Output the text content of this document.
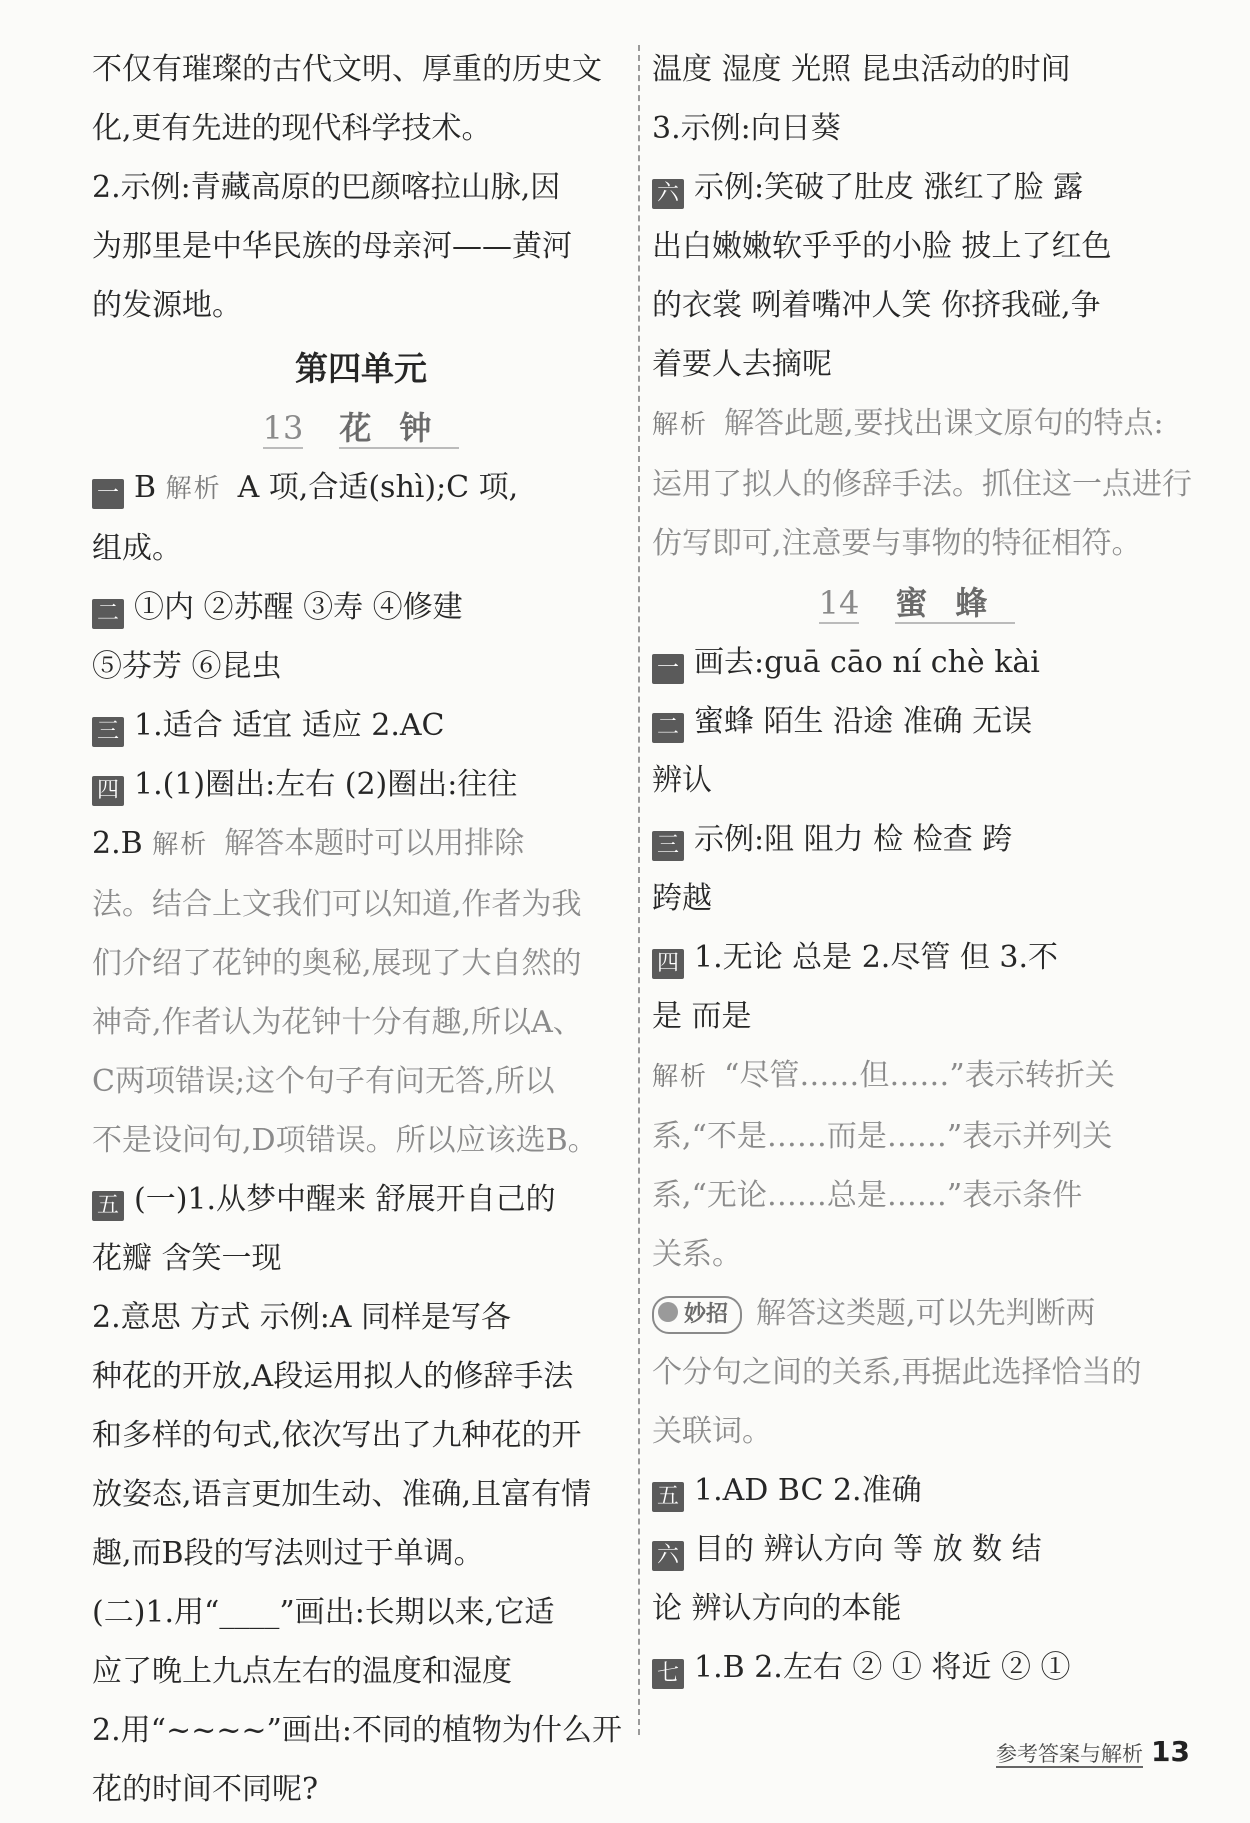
不仅有璀璨的古代文明、厚重的历史文

化,更有先进的现代科学技术。

2.示例:青藏高原的巴颜喀拉山脉,因

为那里是中华民族的母亲河——黄河

的发源地。

第四单元

13 花钟

一 B 解析 A 项,合适(shì);C 项,

组成。

二 ①内 ②苏醒 ③寿 ④修建

⑤芬芳 ⑥昆虫

三 1.适合 适宜 适应 2.AC

四 1.(1)圈出:左右 (2)圈出:往往

2.B 解析 解答本题时可以用排除

法。结合上文我们可以知道,作者为我

们介绍了花钟的奥秘,展现了大自然的

神奇,作者认为花钟十分有趣,所以A、

C两项错误;这个句子有问无答,所以

不是设问句,D项错误。所以应该选B。

五 (一)1.从梦中醒来 舒展开自己的

花瓣 含笑一现

2.意思 方式 示例:A 同样是写各

种花的开放,A段运用拟人的修辞手法

和多样的句式,依次写出了九种花的开

放姿态,语言更加生动、准确,且富有情

趣,而B段的写法则过于单调。

(二)1.用“____”画出:长期以来,它适

应了晚上九点左右的温度和湿度

2.用“~~~~”画出:不同的植物为什么开

花的时间不同呢?

温度 湿度 光照 昆虫活动的时间

3.示例:向日葵

六 示例:笑破了肚皮 涨红了脸 露

出白嫩嫩软乎乎的小脸 披上了红色

的衣裳 咧着嘴冲人笑 你挤我碰,争

着要人去摘呢

解析 解答此题,要找出课文原句的特点:

运用了拟人的修辞手法。抓住这一点进行

仿写即可,注意要与事物的特征相符。

14 蜜蜂

一 画去:guā cāo ní chè kài

二 蜜蜂 陌生 沿途 准确 无误

辨认

三 示例:阻 阻力 检 检查 跨

跨越

四 1.无论 总是 2.尽管 但 3.不

是 而是

解析 “尽管……但……”表示转折关

系,“不是……而是……”表示并列关

系,“无论……总是……”表示条件

关系。

妙招 解答这类题,可以先判断两

个分句之间的关系,再据此选择恰当的

关联词。

五 1.AD BC 2.准确

六 目的 辨认方向 等 放 数 结

论 辨认方向的本能

七 1.B 2.左右 ② ① 将近 ② ①

参考答案与解析 13
